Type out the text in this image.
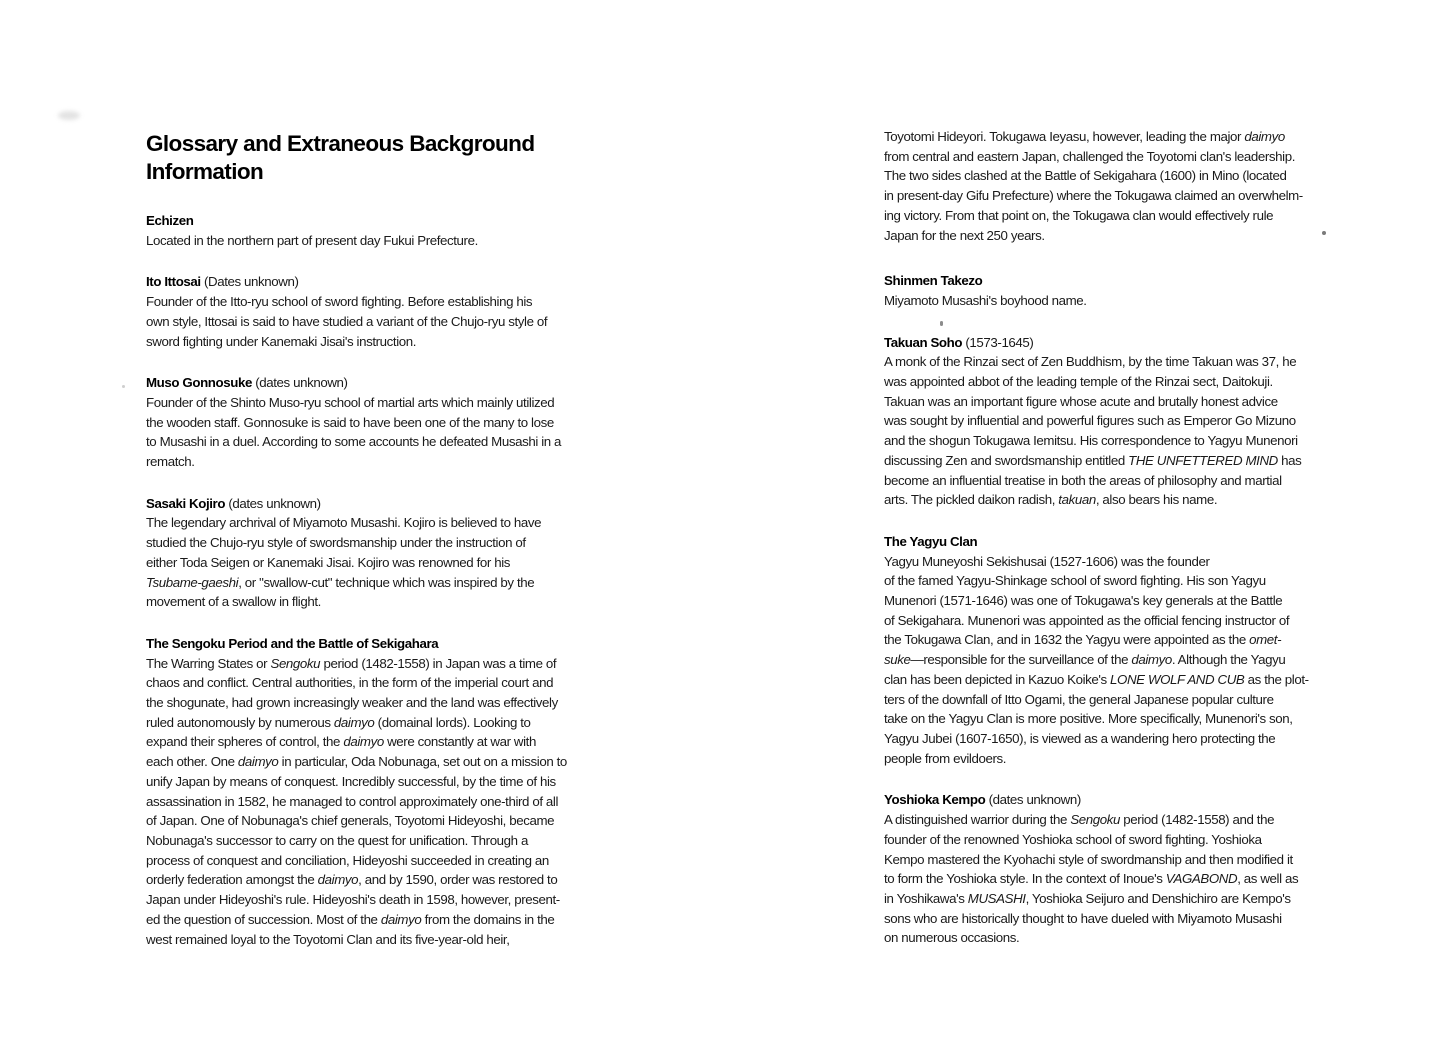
Glossary and Extraneous Background
Information
Echizen
Located in the northern part of present day Fukui Prefecture.
Ito Ittosai (Dates unknown)
Founder of the Itto-ryu school of sword fighting. Before establishing his
own style, Ittosai is said to have studied a variant of the Chujo-ryu style of
sword fighting under Kanemaki Jisai's instruction.
Muso Gonnosuke (dates unknown)
Founder of the Shinto Muso-ryu school of martial arts which mainly utilized
the wooden staff. Gonnosuke is said to have been one of the many to lose
to Musashi in a duel. According to some accounts he defeated Musashi in a
rematch.
Sasaki Kojiro (dates unknown)
The legendary archrival of Miyamoto Musashi. Kojiro is believed to have
studied the Chujo-ryu style of swordsmanship under the instruction of
either Toda Seigen or Kanemaki Jisai. Kojiro was renowned for his
Tsubame-gaeshi, or "swallow-cut" technique which was inspired by the
movement of a swallow in flight.
The Sengoku Period and the Battle of Sekigahara
The Warring States or Sengoku period (1482-1558) in Japan was a time of
chaos and conflict. Central authorities, in the form of the imperial court and
the shogunate, had grown increasingly weaker and the land was effectively
ruled autonomously by numerous daimyo (domainal lords). Looking to
expand their spheres of control, the daimyo were constantly at war with
each other. One daimyo in particular, Oda Nobunaga, set out on a mission to
unify Japan by means of conquest. Incredibly successful, by the time of his
assassination in 1582, he managed to control approximately one-third of all
of Japan. One of Nobunaga's chief generals, Toyotomi Hideyoshi, became
Nobunaga's successor to carry on the quest for unification. Through a
process of conquest and conciliation, Hideyoshi succeeded in creating an
orderly federation amongst the daimyo, and by 1590, order was restored to
Japan under Hideyoshi's rule. Hideyoshi's death in 1598, however, present-
ed the question of succession. Most of the daimyo from the domains in the
west remained loyal to the Toyotomi Clan and its five-year-old heir,
Toyotomi Hideyori. Tokugawa Ieyasu, however, leading the major daimyo
from central and eastern Japan, challenged the Toyotomi clan's leadership.
The two sides clashed at the Battle of Sekigahara (1600) in Mino (located
in present-day Gifu Prefecture) where the Tokugawa claimed an overwhelm-
ing victory. From that point on, the Tokugawa clan would effectively rule
Japan for the next 250 years.
Shinmen Takezo
Miyamoto Musashi's boyhood name.
Takuan Soho (1573-1645)
A monk of the Rinzai sect of Zen Buddhism, by the time Takuan was 37, he
was appointed abbot of the leading temple of the Rinzai sect, Daitokuji.
Takuan was an important figure whose acute and brutally honest advice
was sought by influential and powerful figures such as Emperor Go Mizuno
and the shogun Tokugawa Iemitsu. His correspondence to Yagyu Munenori
discussing Zen and swordsmanship entitled THE UNFETTERED MIND has
become an influential treatise in both the areas of philosophy and martial
arts. The pickled daikon radish, takuan, also bears his name.
The Yagyu Clan
Yagyu Muneyoshi Sekishusai (1527-1606) was the founder
of the famed Yagyu-Shinkage school of sword fighting. His son Yagyu
Munenori (1571-1646) was one of Tokugawa's key generals at the Battle
of Sekigahara. Munenori was appointed as the official fencing instructor of
the Tokugawa Clan, and in 1632 the Yagyu were appointed as the omet-
suke—responsible for the surveillance of the daimyo. Although the Yagyu
clan has been depicted in Kazuo Koike's LONE WOLF AND CUB as the plot-
ters of the downfall of Itto Ogami, the general Japanese popular culture
take on the Yagyu Clan is more positive. More specifically, Munenori's son,
Yagyu Jubei (1607-1650), is viewed as a wandering hero protecting the
people from evildoers.
Yoshioka Kempo (dates unknown)
A distinguished warrior during the Sengoku period (1482-1558) and the
founder of the renowned Yoshioka school of sword fighting. Yoshioka
Kempo mastered the Kyohachi style of swordmanship and then modified it
to form the Yoshioka style. In the context of Inoue's VAGABOND, as well as
in Yoshikawa's MUSASHI, Yoshioka Seijuro and Denshichiro are Kempo's
sons who are historically thought to have dueled with Miyamoto Musashi
on numerous occasions.
